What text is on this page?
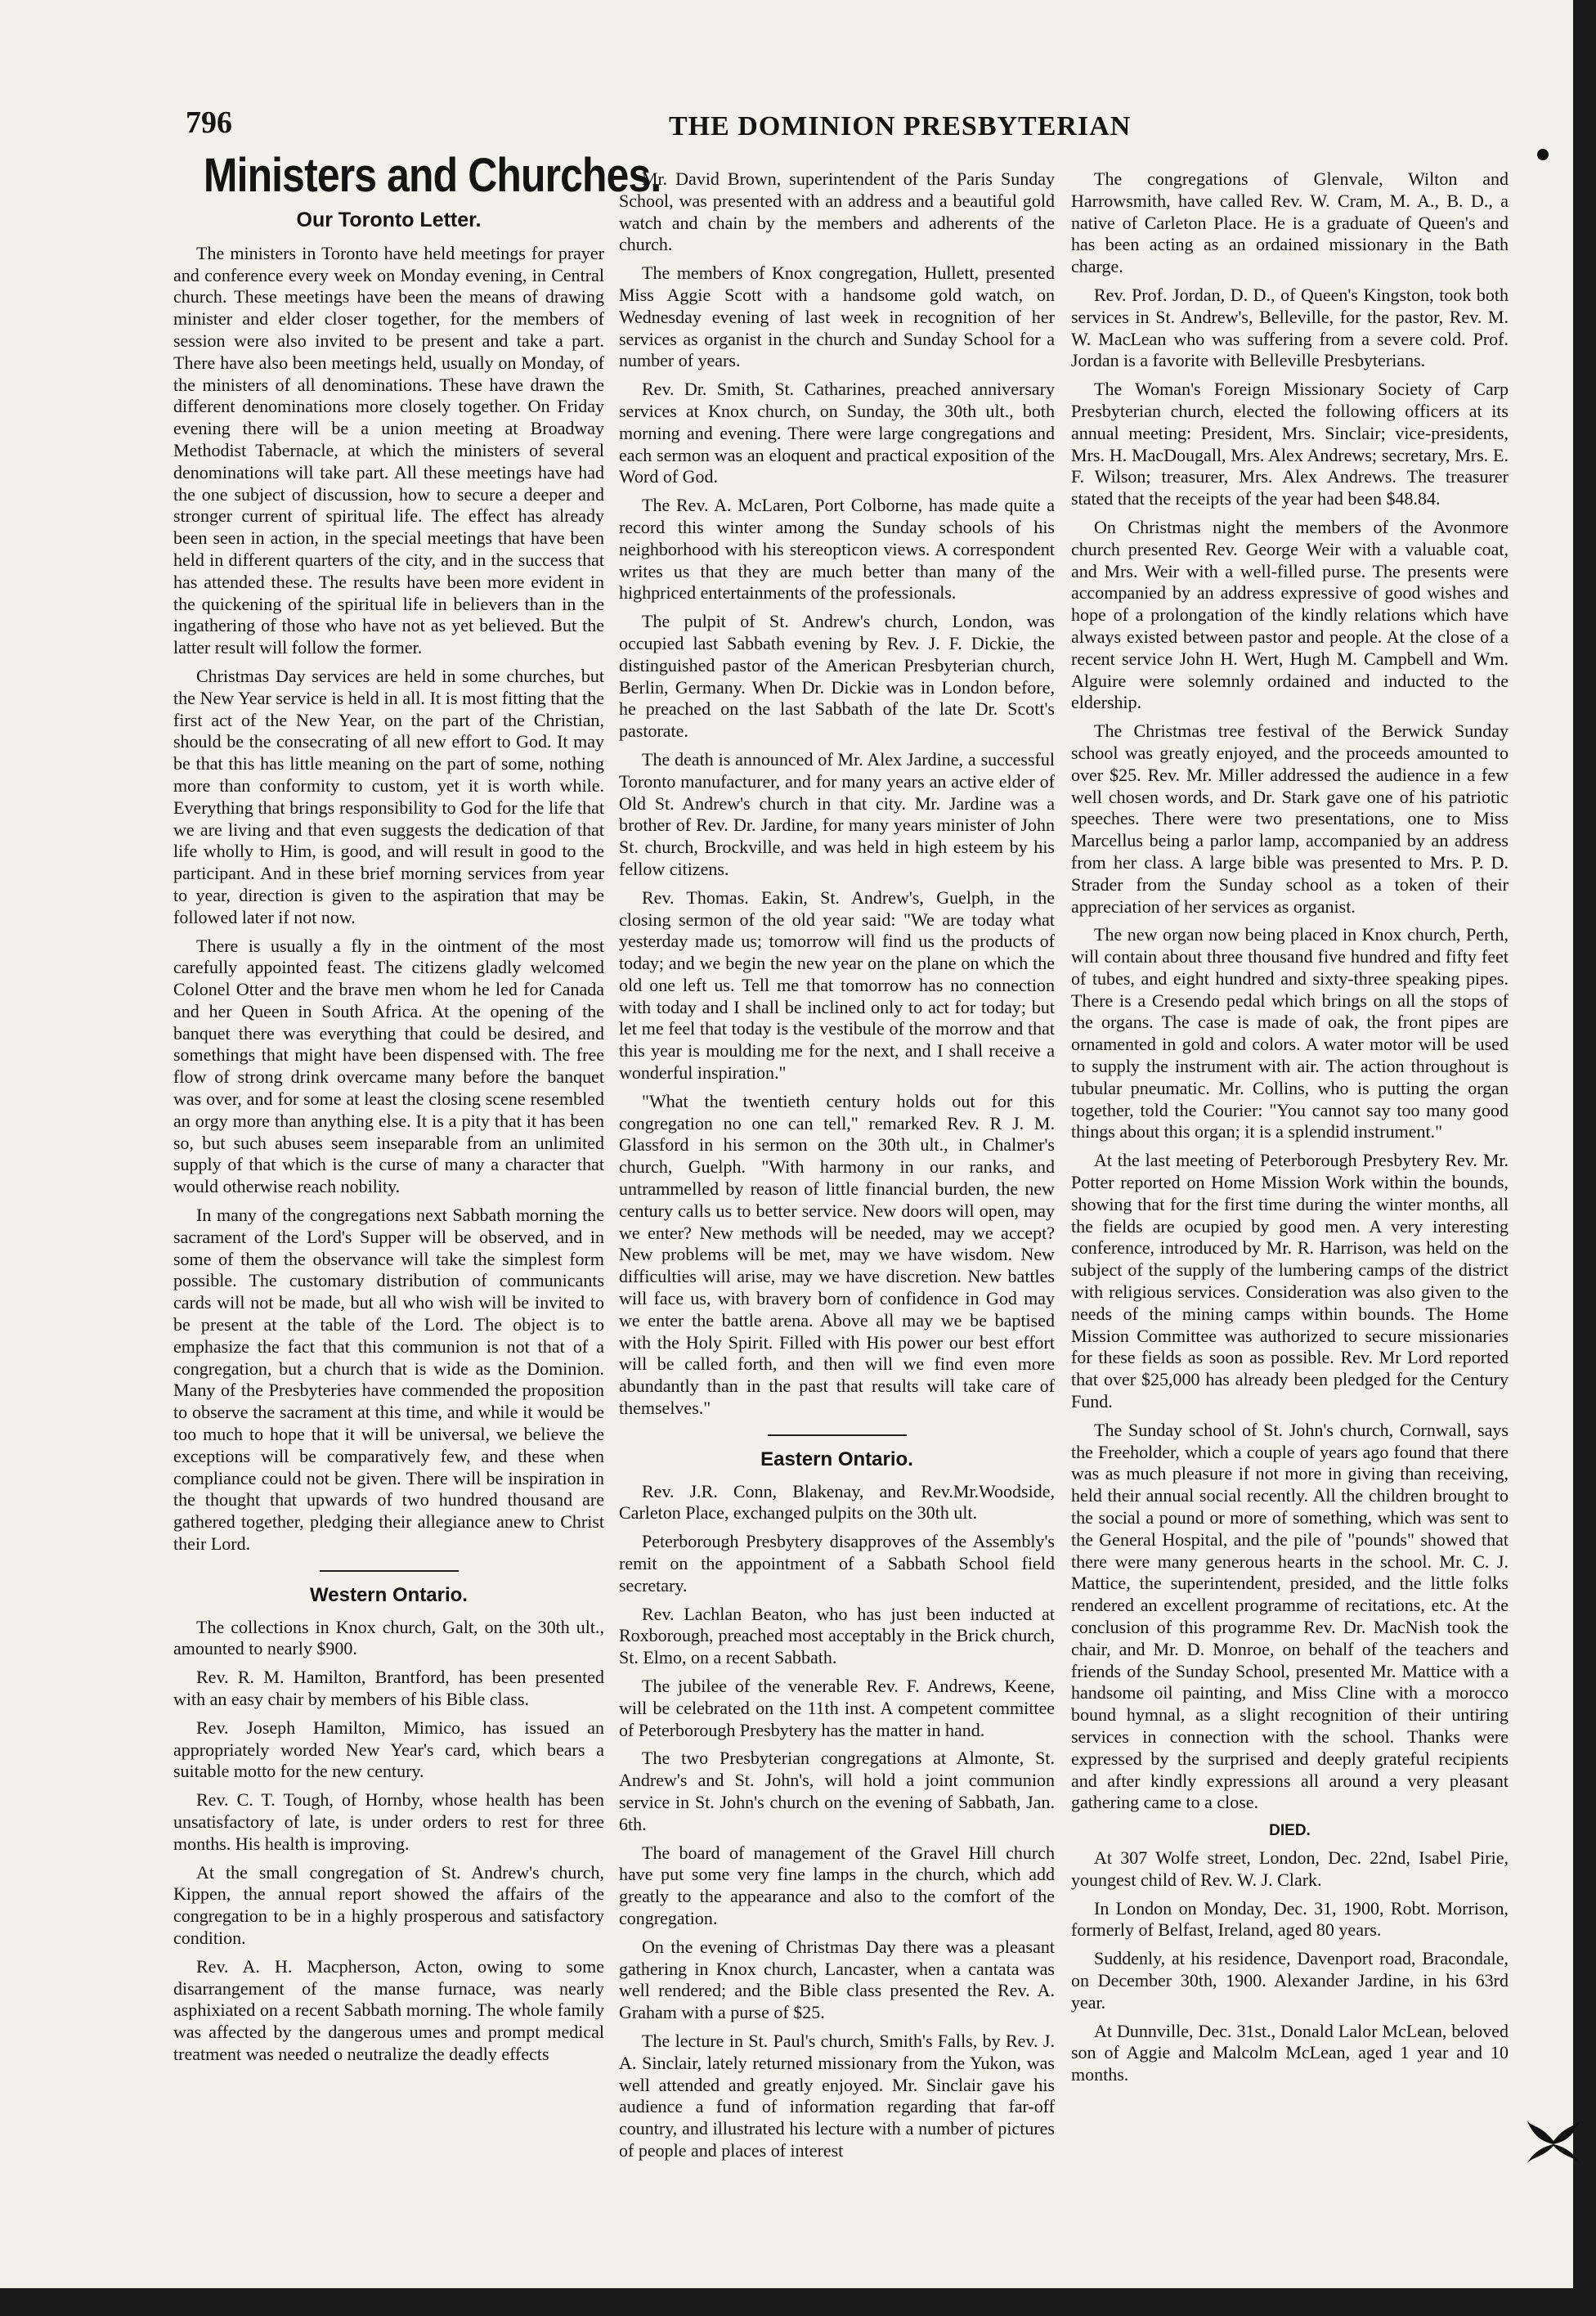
796	THE DOMINION PRESBYTERIAN
Ministers and Churches.
Our Toronto Letter.

The ministers in Toronto have held meetings for prayer and conference every week on Monday evening, in Central church. These meetings have been the means of drawing minister and elder closer together, for the members of session were also invited to be present and take a part. There have also been meetings held, usually on Monday, of the ministers of all denominations. These have drawn the different denominations more closely together. On Friday evening there will be a union meeting at Broadway Methodist Tabernacle, at which the ministers of several denominations will take part. All these meetings have had the one subject of discussion, how to secure a deeper and stronger current of spiritual life. The effect has already been seen in action, in the special meetings that have been held in different quarters of the city, and in the success that has attended these. The results have been more evident in the quickening of the spiritual life in believers than in the ingathering of those who have not as yet believed. But the latter result will follow the former.

Christmas Day services are held in some churches, but the New Year service is held in all. It is most fitting that the first act of the New Year, on the part of the Christian, should be the consecrating of all new effort to God. It may be that this has little meaning on the part of some, nothing more than conformity to custom, yet it is worth while. Everything that brings responsibility to God for the life that we are living and that even suggests the dedication of that life wholly to Him, is good, and will result in good to the participant. And in these brief morning services from year to year, direction is given to the aspiration that may be followed later if not now.

There is usually a fly in the ointment of the most carefully appointed feast. The citizens gladly welcomed Colonel Otter and the brave men whom he led for Canada and her Queen in South Africa. At the opening of the banquet there was everything that could be desired, and somethings that might have been dispensed with. The free flow of strong drink overcame many before the banquet was over, and for some at least the closing scene resembled an orgy more than anything else. It is a pity that it has been so, but such abuses seem inseparable from an unlimited supply of that which is the curse of many a character that would otherwise reach nobility.

In many of the congregations next Sabbath morning the sacrament of the Lord's Supper will be observed, and in some of them the observance will take the simplest form possible. The customary distribution of communicants cards will not be made, but all who wish will be invited to be present at the table of the Lord. The object is to emphasize the fact that this communion is not that of a congregation, but a church that is wide as the Dominion. Many of the Presbyteries have commended the proposition to observe the sacrament at this time, and while it would be too much to hope that it will be universal, we believe the exceptions will be comparatively few, and these when compliance could not be given. There will be inspiration in the thought that upwards of two hundred thousand are gathered together, pledging their allegiance anew to Christ their Lord.

Western Ontario.

The collections in Knox church, Galt, on the 30th ult., amounted to nearly $900.

Rev. R. M. Hamilton, Brantford, has been presented with an easy chair by members of his Bible class.

Rev. Joseph Hamilton, Mimico, has issued an appropriately worded New Year's card, which bears a suitable motto for the new century.

Rev. C. T. Tough, of Hornby, whose health has been unsatisfactory of late, is under orders to rest for three months. His health is improving.

At the small congregation of St. Andrew's church, Kippen, the annual report showed the affairs of the congregation to be in a highly prosperous and satisfactory condition.

Rev. A. H. Macpherson, Acton, owing to some disarrangement of the manse furnace, was nearly asphixiated on a recent Sabbath morning. The whole family was affected by the dangerous umes and prompt medical treatment was needed o neutralize the deadly effects

Mr. David Brown, superintendent of the Paris Sunday School, was presented with an address and a beautiful gold watch and chain by the members and adherents of the church.

The members of Knox congregation, Hullett, presented Miss Aggie Scott with a handsome gold watch, on Wednesday evening of last week in recognition of her services as organist in the church and Sunday School for a number of years.

Rev. Dr. Smith, St. Catharines, preached anniversary services at Knox church, on Sunday, the 30th ult., both morning and evening. There were large congregations and each sermon was an eloquent and practical exposition of the Word of God.

The Rev. A. McLaren, Port Colborne, has made quite a record this winter among the Sunday schools of his neighborhood with his stereopticon views. A correspondent writes us that they are much better than many of the highpriced entertainments of the professionals.

The pulpit of St. Andrew's church, London, was occupied last Sabbath evening by Rev. J. F. Dickie, the distinguished pastor of the American Presbyterian church, Berlin, Germany. When Dr. Dickie was in London before, he preached on the last Sabbath of the late Dr. Scott's pastorate.

The death is announced of Mr. Alex Jardine, a successful Toronto manufacturer, and for many years an active elder of Old St. Andrew's church in that city. Mr. Jardine was a brother of Rev. Dr. Jardine, for many years minister of John St. church, Brockville, and was held in high esteem by his fellow citizens.

Rev. Thomas. Eakin, St. Andrew's, Guelph, in the closing sermon of the old year said: "We are today what yesterday made us; tomorrow will find us the products of today; and we begin the new year on the plane on which the old one left us. Tell me that tomorrow has no connection with today and I shall be inclined only to act for today; but let me feel that today is the vestibule of the morrow and that this year is moulding me for the next, and I shall receive a wonderful inspiration."

"What the twentieth century holds out for this congregation no one can tell," remarked Rev. R J. M. Glassford in his sermon on the 30th ult., in Chalmer's church, Guelph. "With harmony in our ranks, and untrammelled by reason of little financial burden, the new century calls us to better service. New doors will open, may we enter? New methods will be needed, may we accept? New problems will be met, may we have wisdom. New difficulties will arise, may we have discretion. New battles will face us, with bravery born of confidence in God may we enter the battle arena. Above all may we be baptised with the Holy Spirit. Filled with His power our best effort will be called forth, and then will we find even more abundantly than in the past that results will take care of themselves."

Eastern Ontario.

Rev. J.R. Conn, Blakenay, and Rev.Mr.Woodside, Carleton Place, exchanged pulpits on the 30th ult.

Peterborough Presbytery disapproves of the Assembly's remit on the appointment of a Sabbath School field secretary.

Rev. Lachlan Beaton, who has just been inducted at Roxborough, preached most acceptably in the Brick church, St. Elmo, on a recent Sabbath.

The jubilee of the venerable Rev. F. Andrews, Keene, will be celebrated on the 11th inst. A competent committee of Peterborough Presbytery has the matter in hand.

The two Presbyterian congregations at Almonte, St. Andrew's and St. John's, will hold a joint communion service in St. John's church on the evening of Sabbath, Jan. 6th.

The board of management of the Gravel Hill church have put some very fine lamps in the church, which add greatly to the appearance and also to the comfort of the congregation.

On the evening of Christmas Day there was a pleasant gathering in Knox church, Lancaster, when a cantata was well rendered; and the Bible class presented the Rev. A. Graham with a purse of $25.

The lecture in St. Paul's church, Smith's Falls, by Rev. J. A. Sinclair, lately returned missionary from the Yukon, was well attended and greatly enjoyed. Mr. Sinclair gave his audience a fund of information regarding that far-off country, and illustrated his lecture with a number of pictures of people and places of interest

The congregations of Glenvale, Wilton and Harrowsmith, have called Rev. W. Cram, M. A., B. D., a native of Carleton Place. He is a graduate of Queen's and has been acting as an ordained missionary in the Bath charge.

Rev. Prof. Jordan, D. D., of Queen's Kingston, took both services in St. Andrew's, Belleville, for the pastor, Rev. M. W. MacLean who was suffering from a severe cold. Prof. Jordan is a favorite with Belleville Presbyterians.

The Woman's Foreign Missionary Society of Carp Presbyterian church, elected the following officers at its annual meeting: President, Mrs. Sinclair; vice-presidents, Mrs. H. MacDougall, Mrs. Alex Andrews; secretary, Mrs. E. F. Wilson; treasurer, Mrs. Alex Andrews. The treasurer stated that the receipts of the year had been $48.84.

On Christmas night the members of the Avonmore church presented Rev. George Weir with a valuable coat, and Mrs. Weir with a well-filled purse. The presents were accompanied by an address expressive of good wishes and hope of a prolongation of the kindly relations which have always existed between pastor and people. At the close of a recent service John H. Wert, Hugh M. Campbell and Wm. Alguire were solemnly ordained and inducted to the eldership.

The Christmas tree festival of the Berwick Sunday school was greatly enjoyed, and the proceeds amounted to over $25. Rev. Mr. Miller addressed the audience in a few well chosen words, and Dr. Stark gave one of his patriotic speeches. There were two presentations, one to Miss Marcellus being a parlor lamp, accompanied by an address from her class. A large bible was presented to Mrs. P. D. Strader from the Sunday school as a token of their appreciation of her services as organist.

The new organ now being placed in Knox church, Perth, will contain about three thousand five hundred and fifty feet of tubes, and eight hundred and sixty-three speaking pipes. There is a Cresendo pedal which brings on all the stops of the organs. The case is made of oak, the front pipes are ornamented in gold and colors. A water motor will be used to supply the instrument with air. The action throughout is tubular pneumatic. Mr. Collins, who is putting the organ together, told the Courier: "You cannot say too many good things about this organ; it is a splendid instrument."

At the last meeting of Peterborough Presbytery Rev. Mr. Potter reported on Home Mission Work within the bounds, showing that for the first time during the winter months, all the fields are ocupied by good men. A very interesting conference, introduced by Mr. R. Harrison, was held on the subject of the supply of the lumbering camps of the district with religious services. Consideration was also given to the needs of the mining camps within bounds. The Home Mission Committee was authorized to secure missionaries for these fields as soon as possible. Rev. Mr Lord reported that over $25,000 has already been pledged for the Century Fund.

The Sunday school of St. John's church, Cornwall, says the Freeholder, which a couple of years ago found that there was as much pleasure if not more in giving than receiving, held their annual social recently. All the children brought to the social a pound or more of something, which was sent to the General Hospital, and the pile of "pounds" showed that there were many generous hearts in the school. Mr. C. J. Mattice, the superintendent, presided, and the little folks rendered an excellent programme of recitations, etc. At the conclusion of this programme Rev. Dr. MacNish took the chair, and Mr. D. Monroe, on behalf of the teachers and friends of the Sunday School, presented Mr. Mattice with a handsome oil painting, and Miss Cline with a morocco bound hymnal, as a slight recognition of their untiring services in connection with the school. Thanks were expressed by the surprised and deeply grateful recipients and after kindly expressions all around a very pleasant gathering came to a close.

DIED.

At 307 Wolfe street, London, Dec. 22nd, Isabel Pirie, youngest child of Rev. W. J. Clark.

In London on Monday, Dec. 31, 1900, Robt. Morrison, formerly of Belfast, Ireland, aged 80 years.

Suddenly, at his residence, Davenport road, Bracondale, on December 30th, 1900. Alexander Jardine, in his 63rd year.

At Dunnville, Dec. 31st., Donald Lalor McLean, beloved son of Aggie and Malcolm McLean, aged 1 year and 10 months.
